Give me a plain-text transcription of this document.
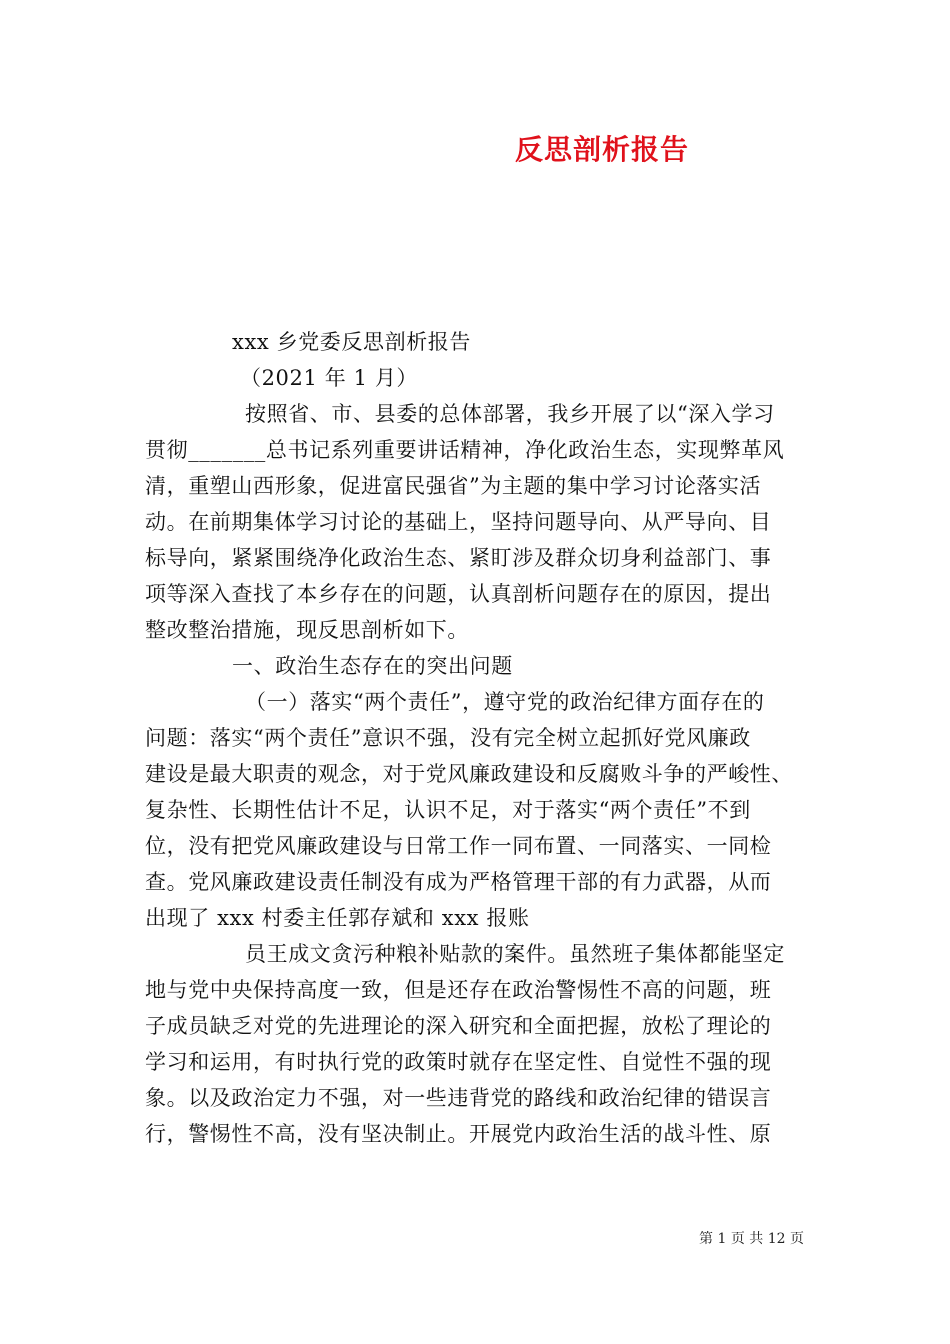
反思剖析报告
xxx 乡党委反思剖析报告
（2021 年 1 月）
按照省、市、县委的总体部署，我乡开展了以“深入学习
贯彻_______总书记系列重要讲话精神，净化政治生态，实现弊革风
清，重塑山西形象，促进富民强省”为主题的集中学习讨论落实活
动。在前期集体学习讨论的基础上，坚持问题导向、从严导向、目
标导向，紧紧围绕净化政治生态、紧盯涉及群众切身利益部门、事
项等深入查找了本乡存在的问题，认真剖析问题存在的原因，提出
整改整治措施，现反思剖析如下。
一、政治生态存在的突出问题
（一）落实“两个责任”，遵守党的政治纪律方面存在的
问题：落实“两个责任”意识不强，没有完全树立起抓好党风廉政
建设是最大职责的观念，对于党风廉政建设和反腐败斗争的严峻性、
复杂性、长期性估计不足，认识不足，对于落实“两个责任”不到
位，没有把党风廉政建设与日常工作一同布置、一同落实、一同检
查。党风廉政建设责任制没有成为严格管理干部的有力武器，从而
出现了 xxx 村委主任郭存斌和 xxx 报账
员王成文贪污种粮补贴款的案件。虽然班子集体都能坚定
地与党中央保持高度一致，但是还存在政治警惕性不高的问题，班
子成员缺乏对党的先进理论的深入研究和全面把握，放松了理论的
学习和运用，有时执行党的政策时就存在坚定性、自觉性不强的现
象。以及政治定力不强，对一些违背党的路线和政治纪律的错误言
行，警惕性不高，没有坚决制止。开展党内政治生活的战斗性、原
第 1 页 共 12 页
